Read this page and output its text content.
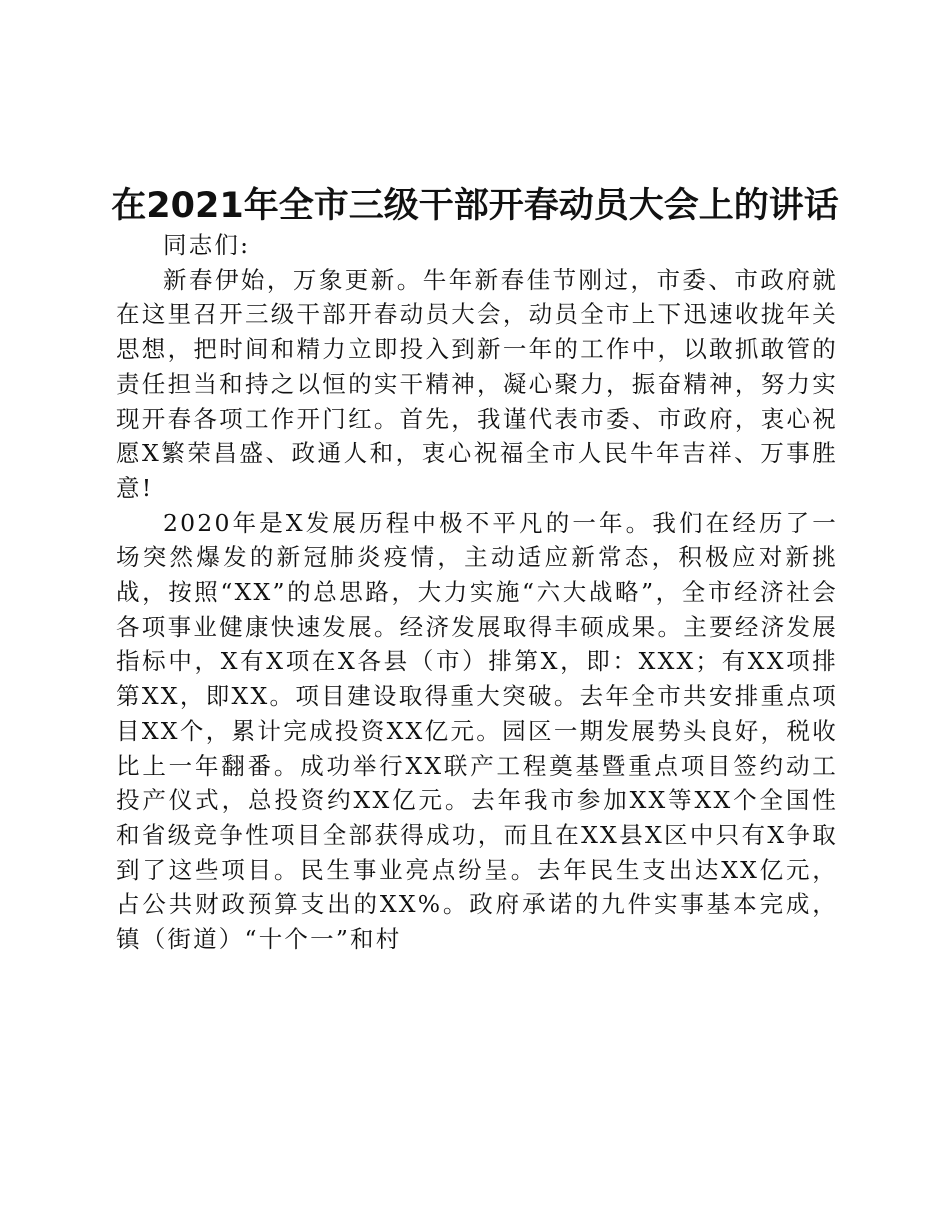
在2021年全市三级干部开春动员大会上的讲话

同志们:

新春伊始，万象更新。牛年新春佳节刚过，市委、市政府就在这里召开三级干部开春动员大会，动员全市上下迅速收拢年关思想，把时间和精力立即投入到新一年的工作中，以敢抓敢管的责任担当和持之以恒的实干精神，凝心聚力，振奋精神，努力实现开春各项工作开门红。首先，我谨代表市委、市政府，衷心祝愿X繁荣昌盛、政通人和，衷心祝福全市人民牛年吉祥、万事胜意!

2020年是X发展历程中极不平凡的一年。我们在经历了一场突然爆发的新冠肺炎疫情，主动适应新常态，积极应对新挑战，按照“XX”的总思路，大力实施“六大战略”，全市经济社会各项事业健康快速发展。经济发展取得丰硕成果。主要经济发展指标中，X有X项在X各县（市）排第X，即：XXX；有XX项排第XX，即XX。项目建设取得重大突破。去年全市共安排重点项目XX个，累计完成投资XX亿元。园区一期发展势头良好，税收比上一年翻番。成功举行XX联产工程奠基暨重点项目签约动工投产仪式，总投资约XX亿元。去年我市参加XX等XX个全国性和省级竞争性项目全部获得成功，而且在XX县X区中只有X争取到了这些项目。民生事业亮点纷呈。去年民生支出达XX亿元，占公共财政预算支出的XX%。政府承诺的九件实事基本完成，镇（街道）“十个一”和村
